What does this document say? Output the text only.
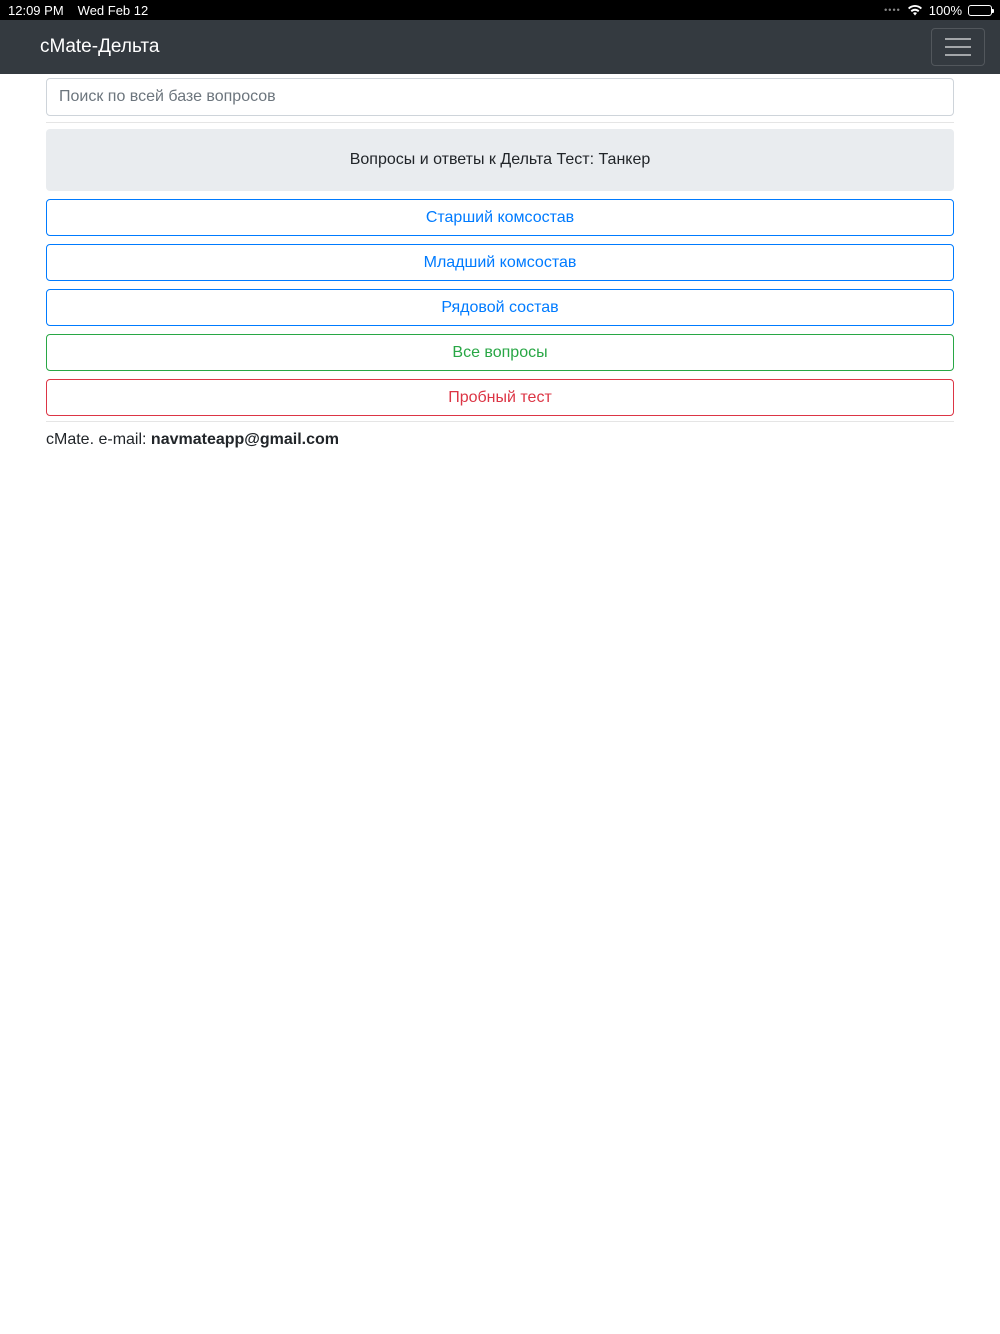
12:09 PM Wed Feb 12	•••• 100%
cMate-Дельта
Поиск по всей базе вопросов
Вопросы и ответы к Дельта Тест: Танкер
Старший комсостав
Младший комсостав
Рядовой состав
Все вопросы
Пробный тест

cMate. e-mail: navmateapp@gmail.com
